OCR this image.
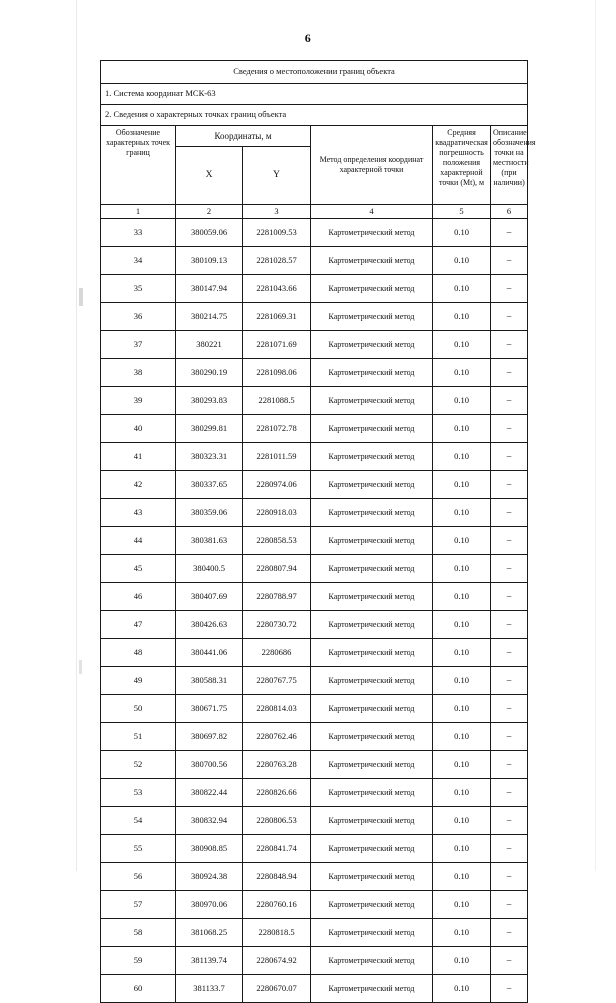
6
Сведения о местоположении границ объекта					
1. Система координат МСК-63					
2. Сведения о характерных точках границ объекта					
Обозначение характерных точек границ	Координаты, м		Метод определения координат характерной точки	Средняя квадратическая погрешность положения характерной точки (Mt), м	Описание обозначения точки на местности (при наличии)
	X	Y			
1	2	3	4	5	6
33	380059.06	2281009.53	Картометрический метод	0.10	–
34	380109.13	2281028.57	Картометрический метод	0.10	–
35	380147.94	2281043.66	Картометрический метод	0.10	–
36	380214.75	2281069.31	Картометрический метод	0.10	–
37	380221	2281071.69	Картометрический метод	0.10	–
38	380290.19	2281098.06	Картометрический метод	0.10	–
39	380293.83	2281088.5	Картометрический метод	0.10	–
40	380299.81	2281072.78	Картометрический метод	0.10	–
41	380323.31	2281011.59	Картометрический метод	0.10	–
42	380337.65	2280974.06	Картометрический метод	0.10	–
43	380359.06	2280918.03	Картометрический метод	0.10	–
44	380381.63	2280858.53	Картометрический метод	0.10	–
45	380400.5	2280807.94	Картометрический метод	0.10	–
46	380407.69	2280788.97	Картометрический метод	0.10	–
47	380426.63	2280730.72	Картометрический метод	0.10	–
48	380441.06	2280686	Картометрический метод	0.10	–
49	380588.31	2280767.75	Картометрический метод	0.10	–
50	380671.75	2280814.03	Картометрический метод	0.10	–
51	380697.82	2280762.46	Картометрический метод	0.10	–
52	380700.56	2280763.28	Картометрический метод	0.10	–
53	380822.44	2280826.66	Картометрический метод	0.10	–
54	380832.94	2280806.53	Картометрический метод	0.10	–
55	380908.85	2280841.74	Картометрический метод	0.10	–
56	380924.38	2280848.94	Картометрический метод	0.10	–
57	380970.06	2280760.16	Картометрический метод	0.10	–
58	381068.25	2280818.5	Картометрический метод	0.10	–
59	381139.74	2280674.92	Картометрический метод	0.10	–
60	381133.7	2280670.07	Картометрический метод	0.10	–
